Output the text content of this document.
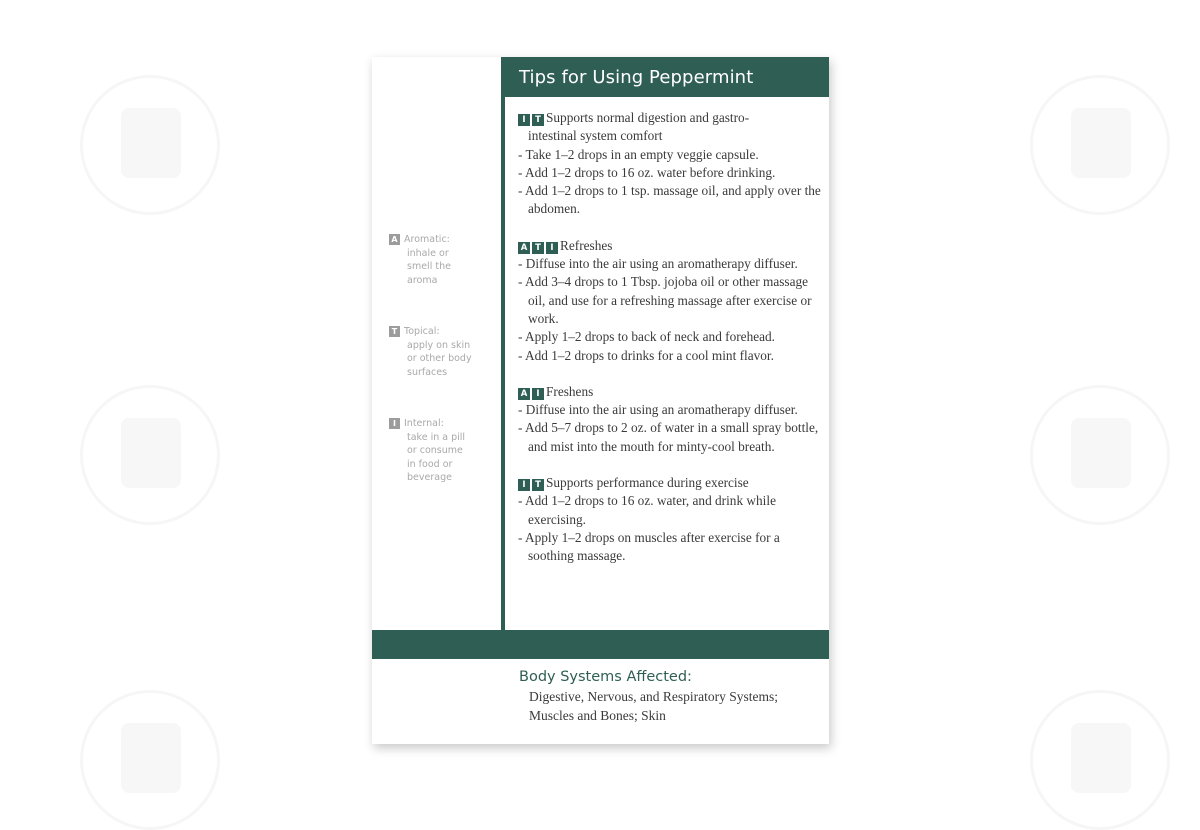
Tips for Using Peppermint
A Aromatic:
inhale or
smell the
aroma
T Topical:
apply on skin
or other body
surfaces
I Internal:
take in a pill
or consume
in food or
beverage
I T Supports normal digestion and gastro-
intestinal system comfort
- Take 1–2 drops in an empty veggie capsule.
- Add 1–2 drops to 16 oz. water before drinking.
- Add 1–2 drops to 1 tsp. massage oil, and apply over the abdomen.
A T I Refreshes
- Diffuse into the air using an aromatherapy diffuser.
- Add 3–4 drops to 1 Tbsp. jojoba oil or other massage oil, and use for a refreshing massage after exercise or work.
- Apply 1–2 drops to back of neck and forehead.
- Add 1–2 drops to drinks for a cool mint flavor.
A I Freshens
- Diffuse into the air using an aromatherapy diffuser.
- Add 5–7 drops to 2 oz. of water in a small spray bottle, and mist into the mouth for minty-cool breath.
I T Supports performance during exercise
- Add 1–2 drops to 16 oz. water, and drink while exercising.
- Apply 1–2 drops on muscles after exercise for a soothing massage.
Body Systems Affected:
Digestive, Nervous, and Respiratory Systems;
Muscles and Bones; Skin
